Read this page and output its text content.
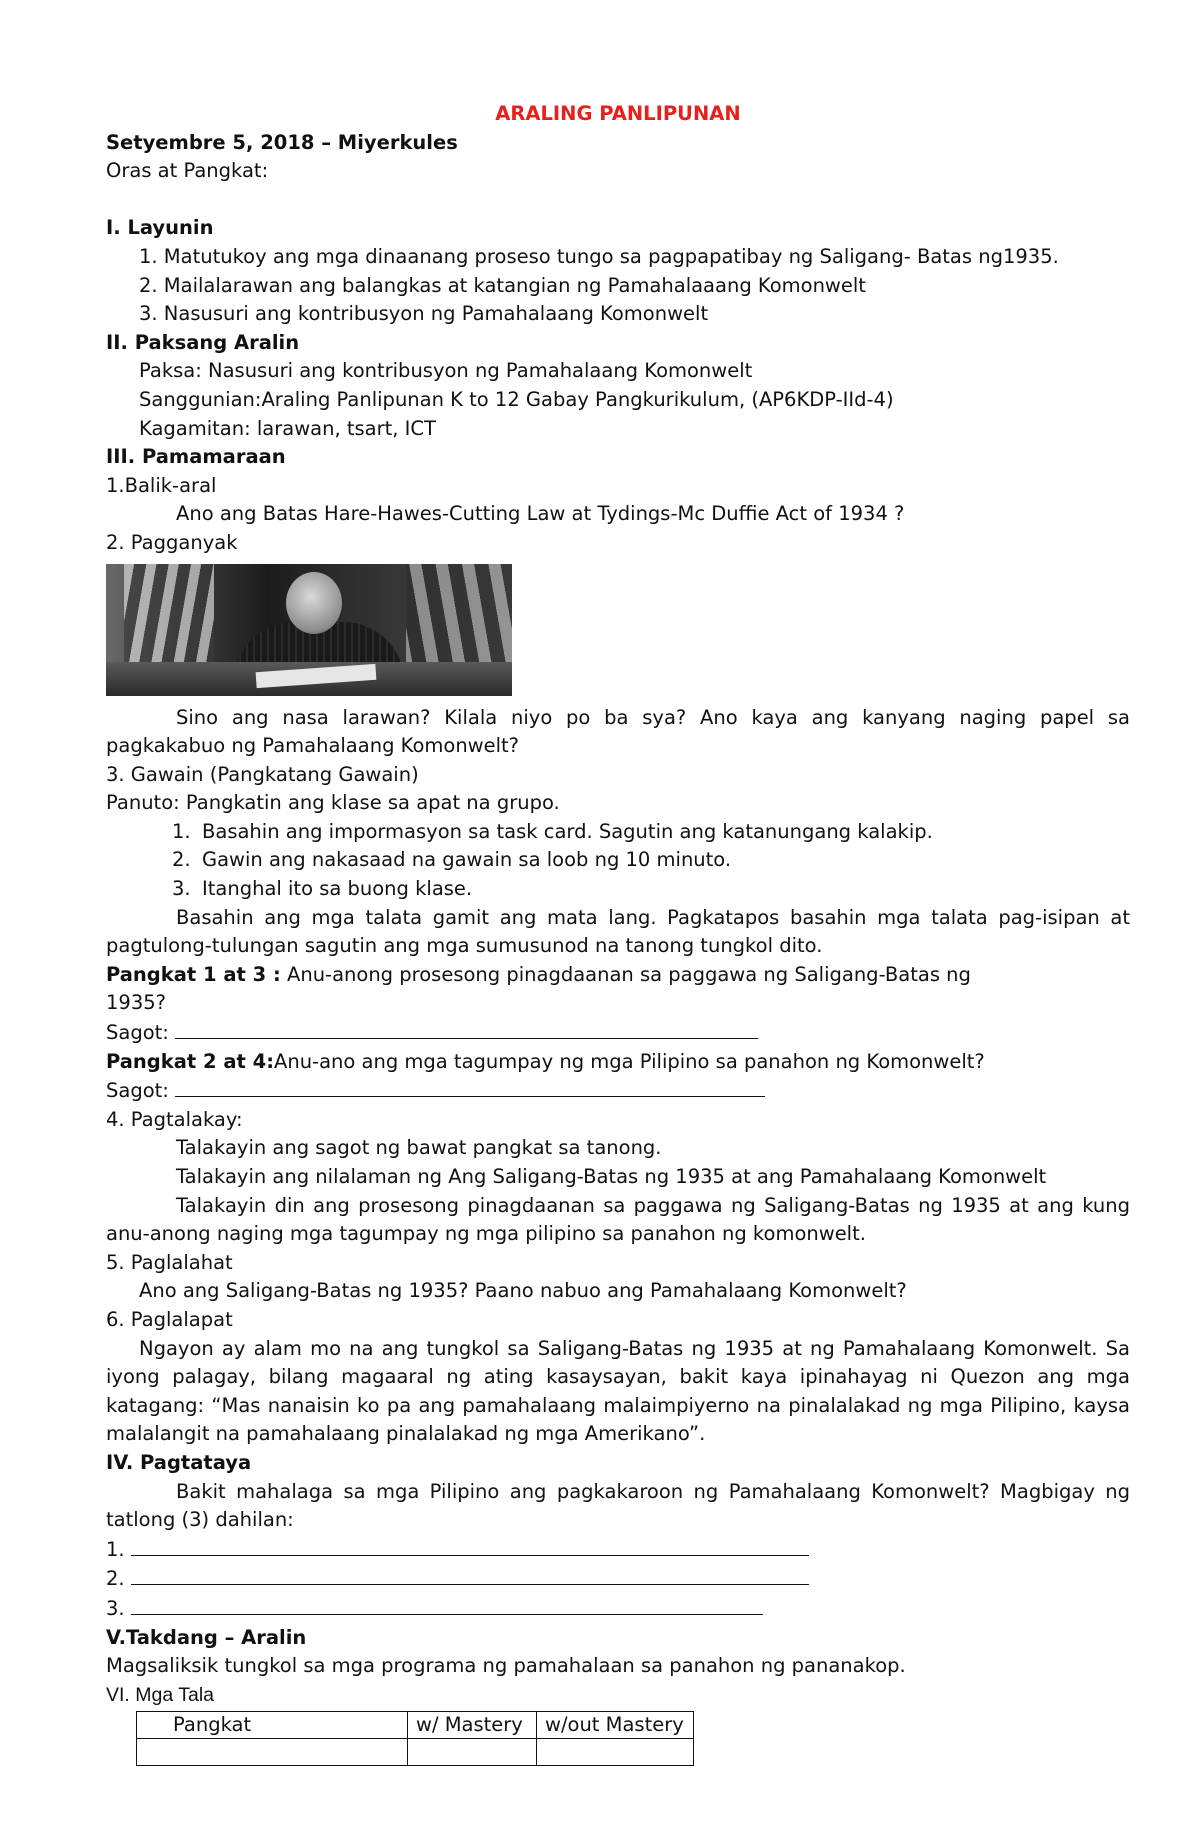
ARALING PANLIPUNAN

Setyembre 5, 2018 – Miyerkules

Oras at Pangkat:

I. Layunin

1. Matutukoy ang mga dinaanang proseso tungo sa pagpapatibay ng Saligang- Batas ng1935.

2. Mailalarawan ang balangkas at katangian ng Pamahalaaang Komonwelt

3. Nasusuri ang kontribusyon ng Pamahalaang Komonwelt

II. Paksang Aralin

Paksa: Nasusuri ang kontribusyon ng Pamahalaang Komonwelt

Sanggunian:Araling Panlipunan K to 12 Gabay Pangkurikulum, (AP6KDP-IId-4)

Kagamitan: larawan, tsart, ICT

III. Pamamaraan

1.Balik-aral

Ano ang Batas Hare-Hawes-Cutting Law at Tydings-Mc Duffie Act of 1934 ?

2. Pagganyak

Sino ang nasa larawan? Kilala niyo po ba sya? Ano kaya ang kanyang naging papel sa pagkakabuo ng Pamahalaang Komonwelt?

3. Gawain (Pangkatang Gawain)

Panuto: Pangkatin ang klase sa apat na grupo.

1. Basahin ang impormasyon sa task card. Sagutin ang katanungang kalakip.

2. Gawin ang nakasaad na gawain sa loob ng 10 minuto.

3. Itanghal ito sa buong klase.

Basahin ang mga talata gamit ang mata lang. Pagkatapos basahin mga talata pag-isipan at pagtulong-tulungan sagutin ang mga sumusunod na tanong tungkol dito.

Pangkat 1 at 3 : Anu-anong prosesong pinagdaanan sa paggawa ng Saligang-Batas ng

1935?

Sagot:

Pangkat 2 at 4:Anu-ano ang mga tagumpay ng mga Pilipino sa panahon ng Komonwelt?

Sagot:

4. Pagtalakay:

Talakayin ang sagot ng bawat pangkat sa tanong.

Talakayin ang nilalaman ng Ang Saligang-Batas ng 1935 at ang Pamahalaang Komonwelt

Talakayin din ang prosesong pinagdaanan sa paggawa ng Saligang-Batas ng 1935 at ang kung anu-anong naging mga tagumpay ng mga pilipino sa panahon ng komonwelt.

5. Paglalahat

Ano ang Saligang-Batas ng 1935? Paano nabuo ang Pamahalaang Komonwelt?

6. Paglalapat

Ngayon ay alam mo na ang tungkol sa Saligang-Batas ng 1935 at ng Pamahalaang Komonwelt. Sa iyong palagay, bilang magaaral ng ating kasaysayan, bakit kaya ipinahayag ni Quezon ang mga katagang: “Mas nanaisin ko pa ang pamahalaang malaimpiyerno na pinalalakad ng mga Pilipino, kaysa malalangit na pamahalaang pinalalakad ng mga Amerikano”.

IV. Pagtataya

Bakit mahalaga sa mga Pilipino ang pagkakaroon ng Pamahalaang Komonwelt? Magbigay ng tatlong (3) dahilan:

1.

2.

3.

V.Takdang – Aralin

Magsaliksik tungkol sa mga programa ng pamahalaan sa panahon ng pananakop.

VI. Mga Tala

Pangkat	w/ Mastery	w/out Mastery
